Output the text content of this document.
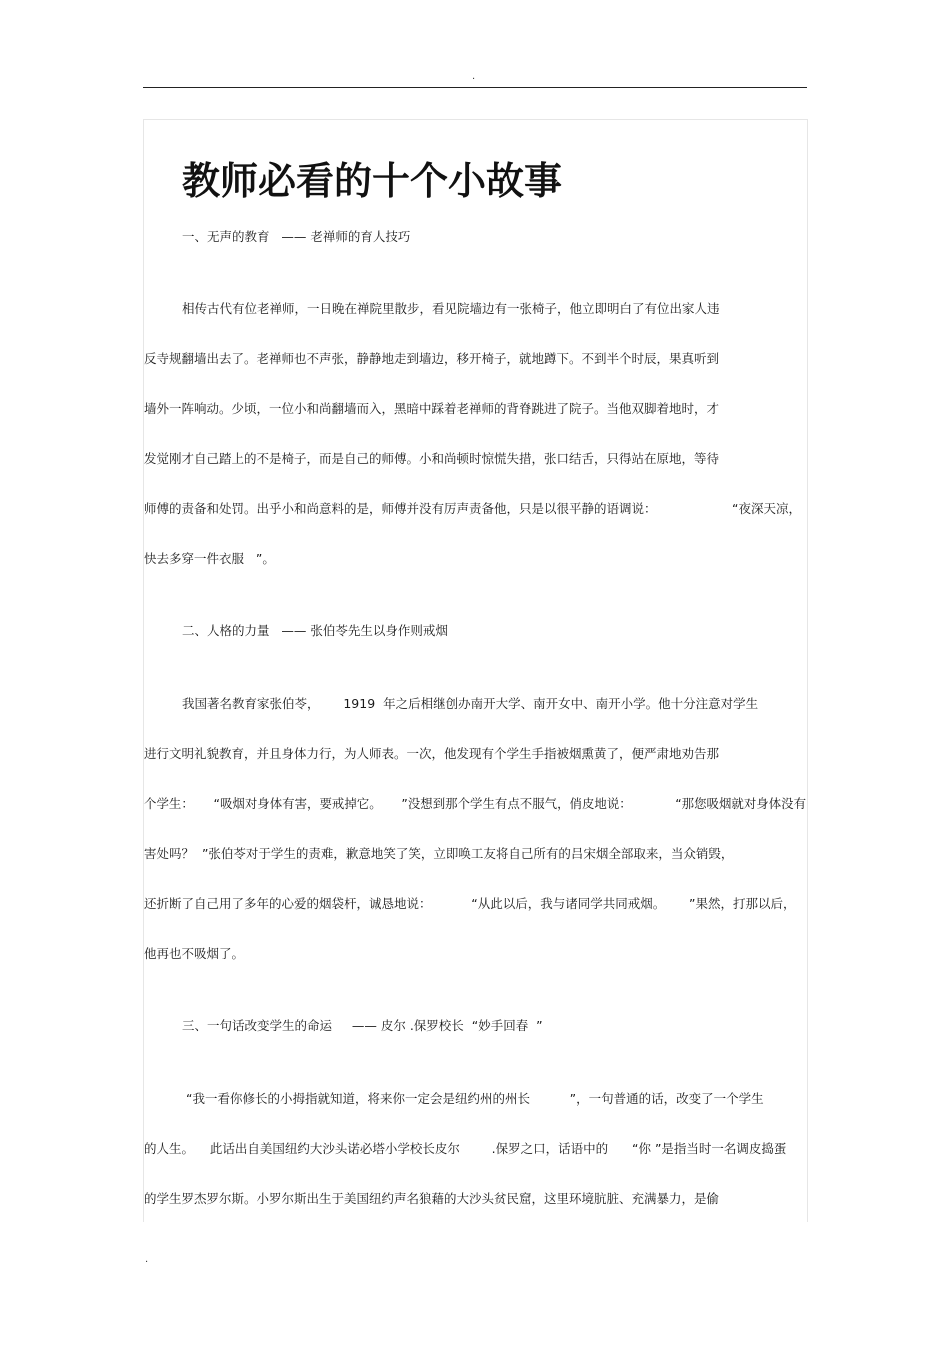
.
教师必看的十个小故事
一、无声的教育   —— 老禅师的育人技巧
相传古代有位老禅师，一日晚在禅院里散步，看见院墙边有一张椅子，他立即明白了有位出家人违
反寺规翻墙出去了。老禅师也不声张，静静地走到墙边，移开椅子，就地蹲下。不到半个时辰，果真听到
墙外一阵响动。少顷，一位小和尚翻墙而入，黑暗中踩着老禅师的背脊跳进了院子。当他双脚着地时，才
发觉刚才自己踏上的不是椅子，而是自己的师傅。小和尚顿时惊慌失措，张口结舌，只得站在原地，等待
师傅的责备和处罚。出乎小和尚意料的是，师傅并没有厉声责备他，只是以很平静的语调说：                   “夜深天凉，
快去多穿一件衣服   ”。
二、人格的力量   —— 张伯苓先生以身作则戒烟
我国著名教育家张伯苓，      1919  年之后相继创办南开大学、南开女中、南开小学。他十分注意对学生
进行文明礼貌教育，并且身体力行，为人师表。一次，他发现有个学生手指被烟熏黄了，便严肃地劝告那
个学生：     “吸烟对身体有害，要戒掉它。     ”没想到那个学生有点不服气，俏皮地说：           “那您吸烟就对身体没有
害处吗？  ”张伯苓对于学生的责难，歉意地笑了笑，立即唤工友将自己所有的吕宋烟全部取来，当众销毁，
还折断了自己用了多年的心爱的烟袋杆，诚恳地说：          “从此以后，我与诸同学共同戒烟。      ”果然，打那以后，
他再也不吸烟了。
三、一句话改变学生的命运     —— 皮尔 .保罗校长  “妙手回春  ”
“我一看你修长的小拇指就知道，将来你一定会是纽约州的州长          ”，一句普通的话，改变了一个学生
的人生。    此话出自美国纽约大沙头诺必塔小学校长皮尔        .保罗之口，话语中的      “你 ”是指当时一名调皮捣蛋
的学生罗杰罗尔斯。小罗尔斯出生于美国纽约声名狼藉的大沙头贫民窟，这里环境肮脏、充满暴力，是偷
.
